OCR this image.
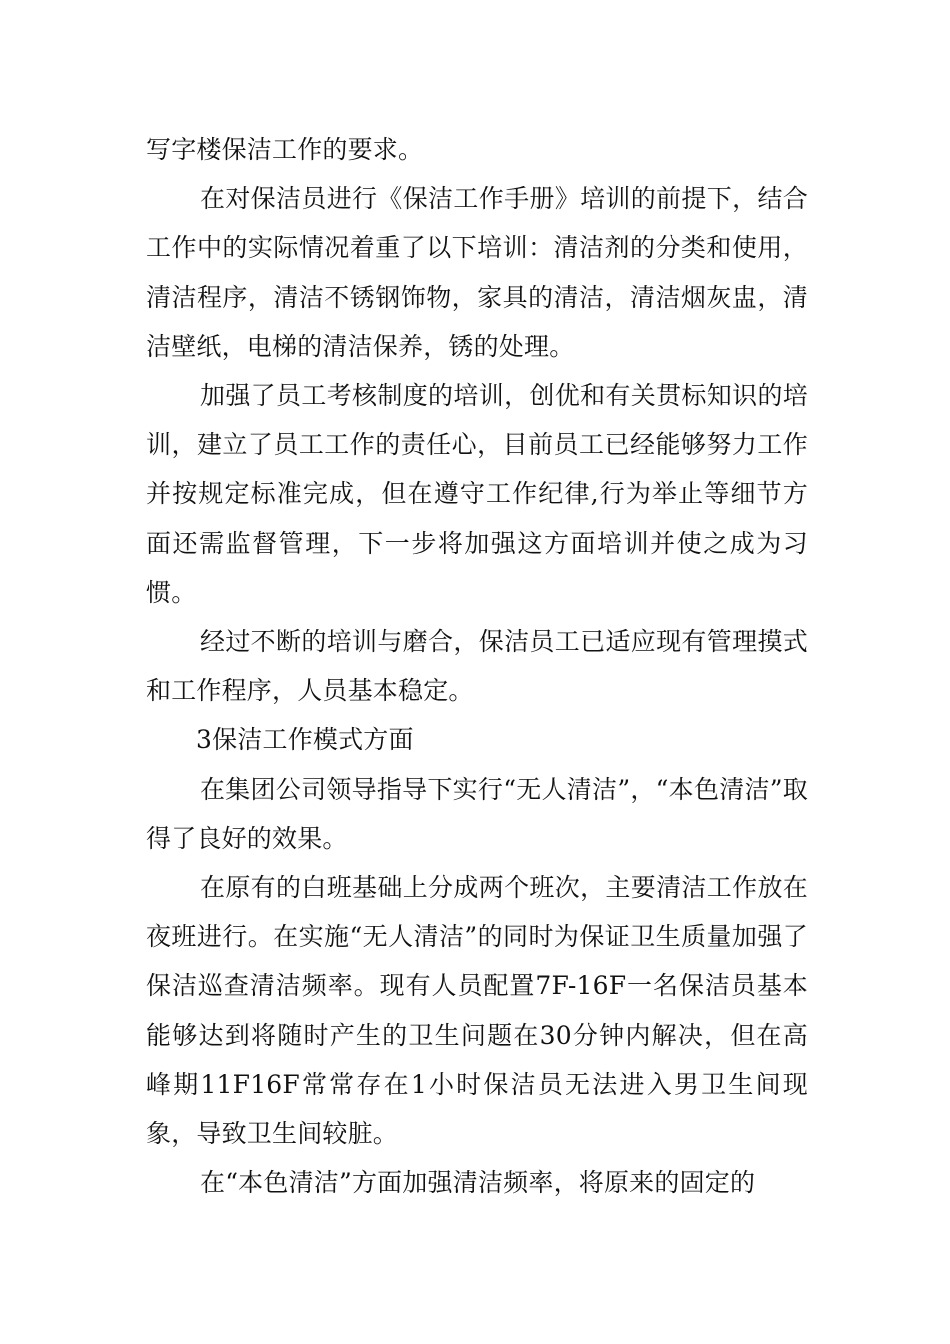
写字楼保洁工作的要求。

在对保洁员进行《保洁工作手册》培训的前提下，结合工作中的实际情况着重了以下培训：清洁剂的分类和使用，清洁程序，清洁不锈钢饰物，家具的清洁，清洁烟灰盅，清洁壁纸，电梯的清洁保养，锈的处理。

加强了员工考核制度的培训，创优和有关贯标知识的培训，建立了员工工作的责任心，目前员工已经能够努力工作并按规定标准完成，但在遵守工作纪律,行为举止等细节方面还需监督管理，下一步将加强这方面培训并使之成为习惯。

经过不断的培训与磨合，保洁员工已适应现有管理摸式和工作程序，人员基本稳定。

3保洁工作模式方面

在集团公司领导指导下实行“无人清洁”，“本色清洁”取得了良好的效果。

在原有的白班基础上分成两个班次，主要清洁工作放在夜班进行。在实施“无人清洁”的同时为保证卫生质量加强了保洁巡查清洁频率。现有人员配置7F-16F一名保洁员基本能够达到将随时产生的卫生问题在30分钟内解决，但在高峰期11F16F常常存在1小时保洁员无法进入男卫生间现象，导致卫生间较脏。

在“本色清洁”方面加强清洁频率，将原来的固定的
